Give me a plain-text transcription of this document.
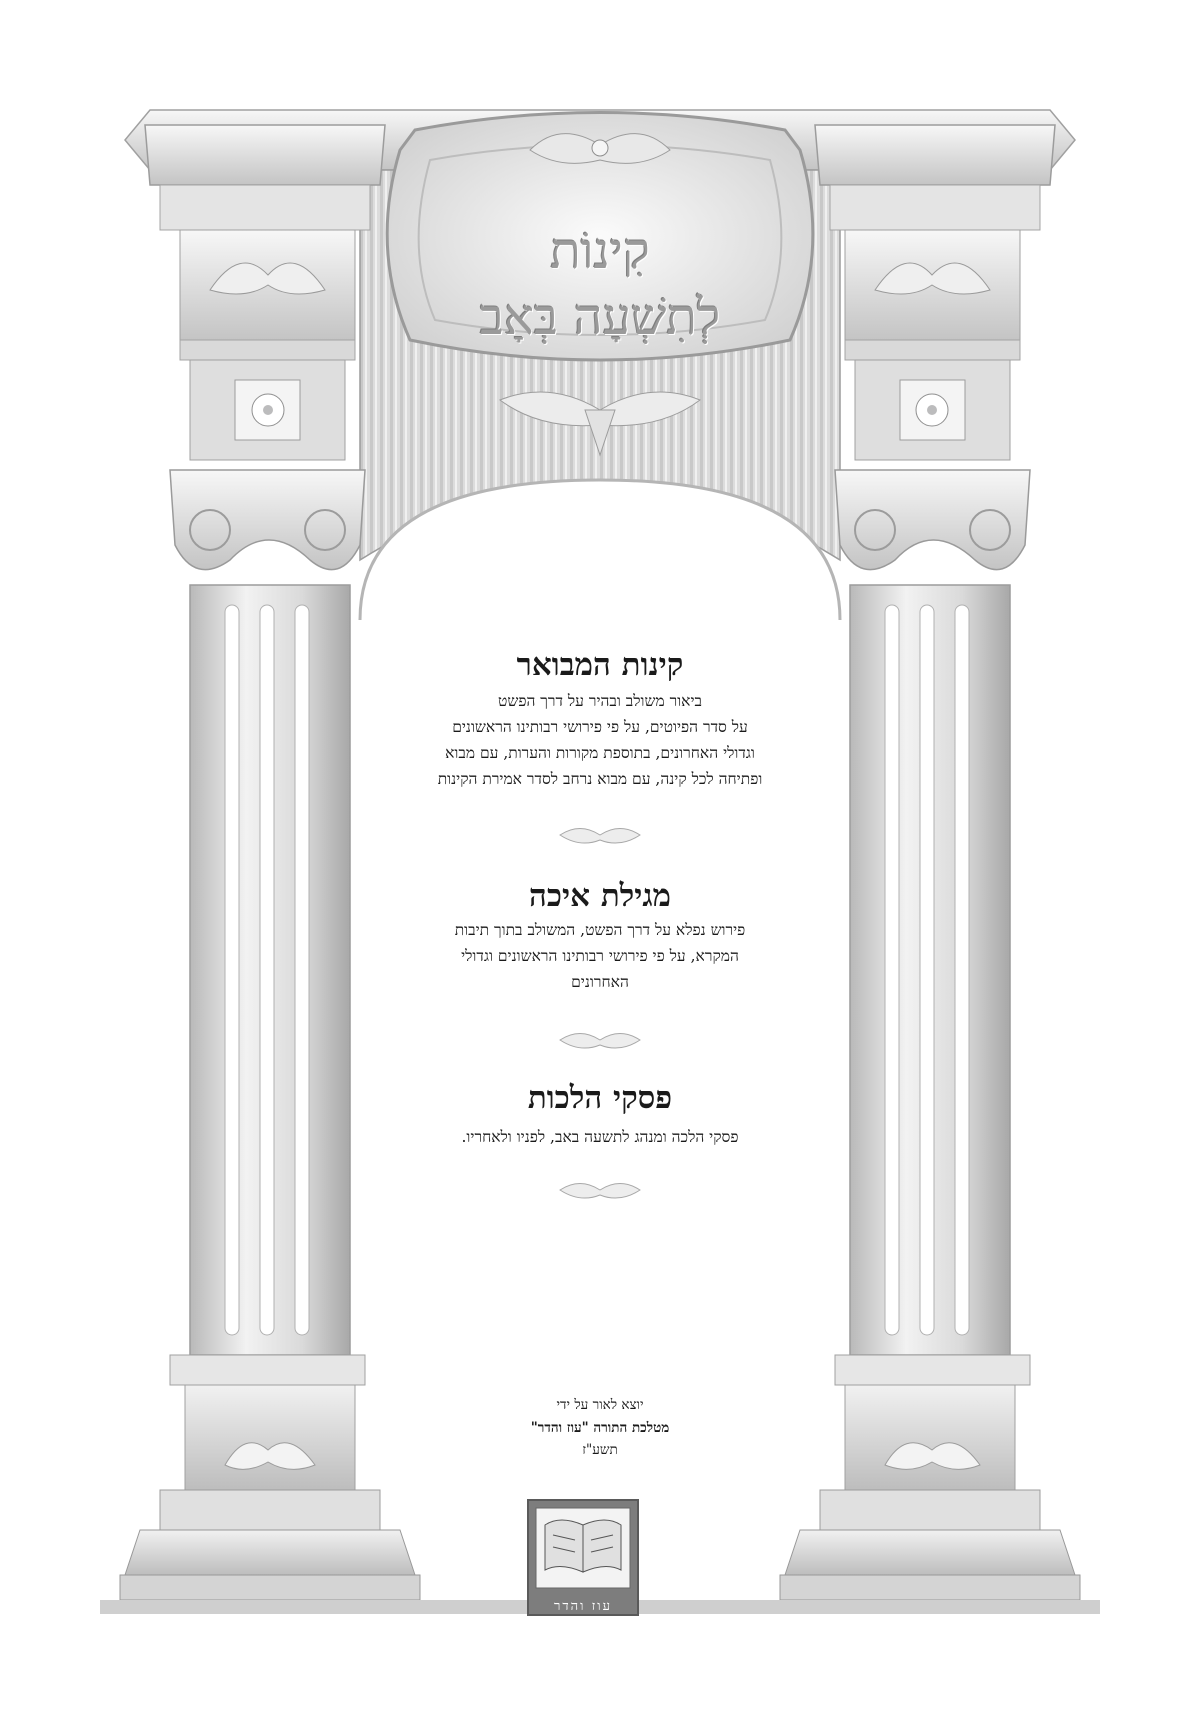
קִינוֹת
לְתִשְׁעָה בְּאָב
קינות המבואר
ביאור משולב ובהיר על דרך הפשט
על סדר הפיוטים, על פי פירושי רבותינו הראשונים
וגדולי האחרונים, בתוספת מקורות והערות, עם מבוא
ופתיחה לכל קינה, עם מבוא נרחב לסדר אמירת הקינות
מגילת איכה
פירוש נפלא על דרך הפשט, המשולב בתוך תיבות
המקרא, על פי פירושי רבותינו הראשונים וגדולי
האחרונים
פסקי הלכות
פסקי הלכה ומנהג לתשעה באב, לפניו ולאחריו.
יוצא לאור על ידי
מטלכת התורה "עוז והדר"
תשע"ז
עוז והדר
